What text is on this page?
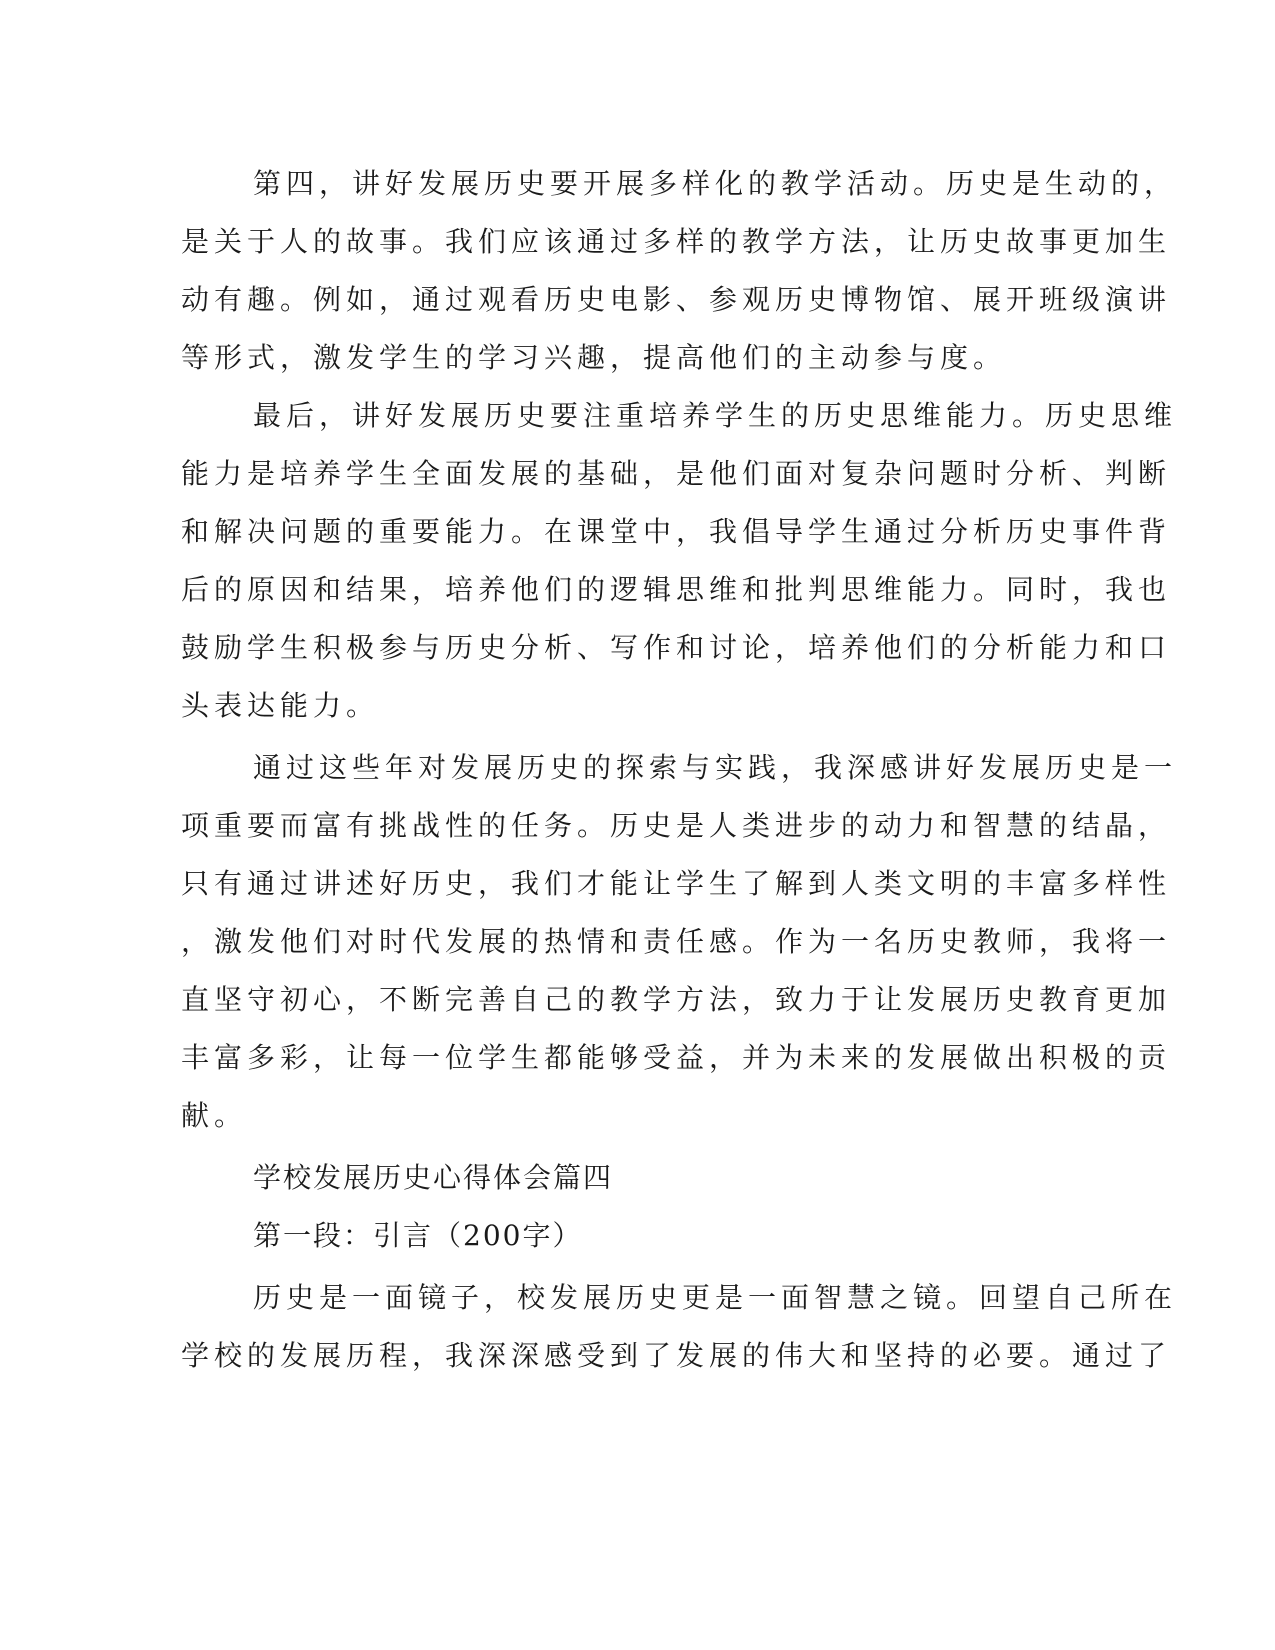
第四，讲好发展历史要开展多样化的教学活动。历史是生动的，
是关于人的故事。我们应该通过多样的教学方法，让历史故事更加生
动有趣。例如，通过观看历史电影、参观历史博物馆、展开班级演讲
等形式，激发学生的学习兴趣，提高他们的主动参与度。
最后，讲好发展历史要注重培养学生的历史思维能力。历史思维
能力是培养学生全面发展的基础，是他们面对复杂问题时分析、判断
和解决问题的重要能力。在课堂中，我倡导学生通过分析历史事件背
后的原因和结果，培养他们的逻辑思维和批判思维能力。同时，我也
鼓励学生积极参与历史分析、写作和讨论，培养他们的分析能力和口
头表达能力。
通过这些年对发展历史的探索与实践，我深感讲好发展历史是一
项重要而富有挑战性的任务。历史是人类进步的动力和智慧的结晶，
只有通过讲述好历史，我们才能让学生了解到人类文明的丰富多样性
，激发他们对时代发展的热情和责任感。作为一名历史教师，我将一
直坚守初心，不断完善自己的教学方法，致力于让发展历史教育更加
丰富多彩，让每一位学生都能够受益，并为未来的发展做出积极的贡
献。
学校发展历史心得体会篇四
第一段：引言（200字）
历史是一面镜子，校发展历史更是一面智慧之镜。回望自己所在
学校的发展历程，我深深感受到了发展的伟大和坚持的必要。通过了
